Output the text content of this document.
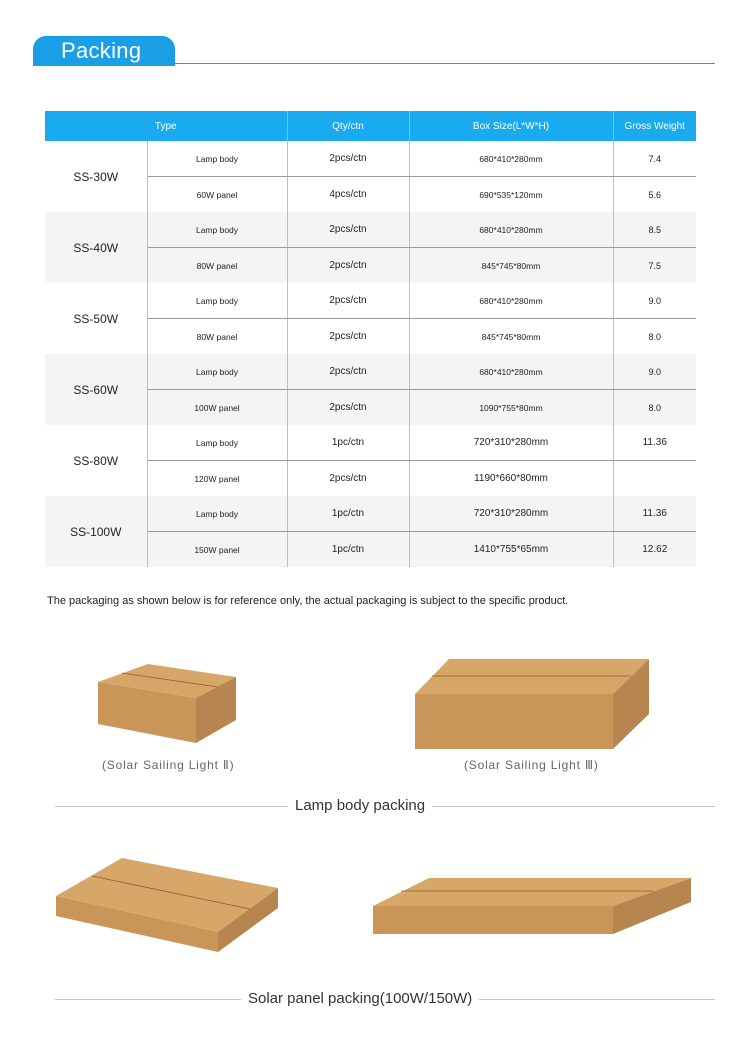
Packing
Type		Qty/ctn	Box Size(L*W*H)	Gross Weight
SS-30W	Lamp body	2pcs/ctn	680*410*280mm	7.4
	60W panel	4pcs/ctn	690*535*120mm	5.6
SS-40W	Lamp body	2pcs/ctn	680*410*280mm	8.5
	80W panel	2pcs/ctn	845*745*80mm	7.5
SS-50W	Lamp body	2pcs/ctn	680*410*280mm	9.0
	80W panel	2pcs/ctn	845*745*80mm	8.0
SS-60W	Lamp body	2pcs/ctn	680*410*280mm	9.0
	100W panel	2pcs/ctn	1090*755*80mm	8.0
SS-80W	Lamp body	1pc/ctn	720*310*280mm	11.36
	120W panel	2pcs/ctn	1190*660*80mm	
SS-100W	Lamp body	1pc/ctn	720*310*280mm	11.36
	150W panel	1pc/ctn	1410*755*65mm	12.62
The packaging as shown below is for reference only, the actual packaging is subject to the specific product.
(Solar Sailing Light Ⅱ)	(Solar Sailing Light Ⅲ)
Lamp body packing
Solar panel packing(100W/150W)
